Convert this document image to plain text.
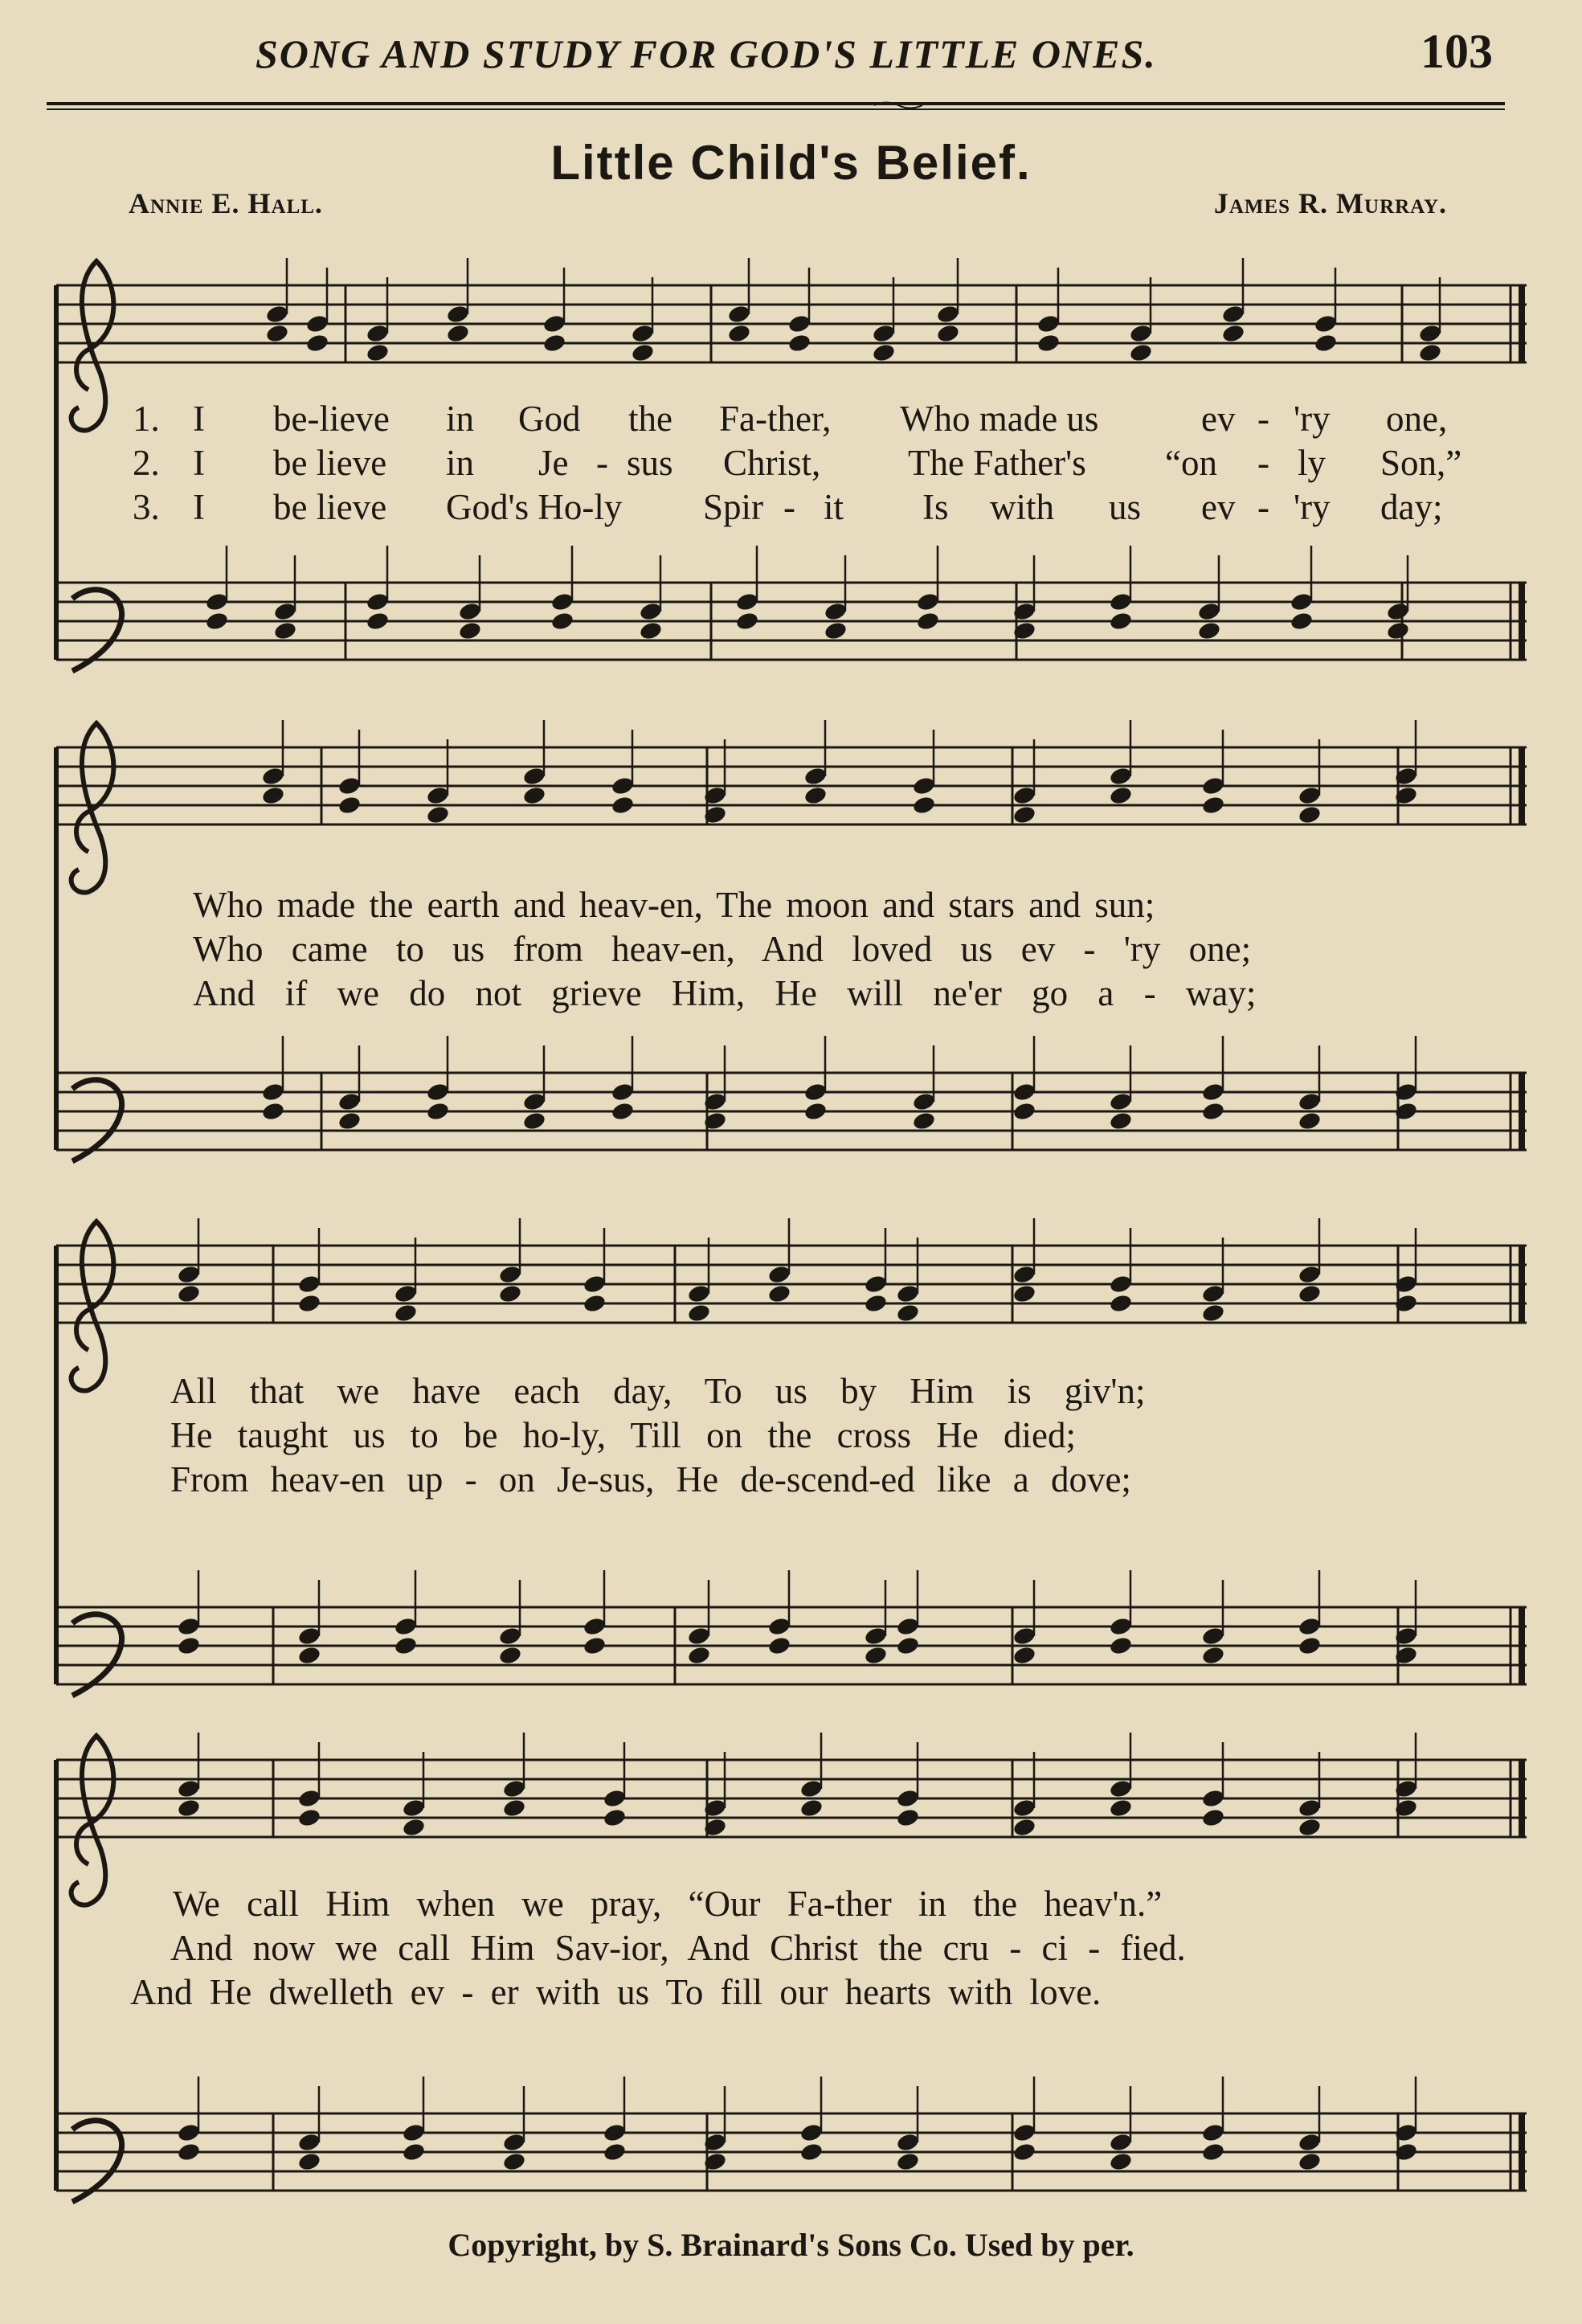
SONG AND STUDY FOR GOD'S LITTLE ONES.	103
Little Child's Belief.
Annie E. Hall.	James R. Murray.
1. I be-lieve in God the Fa-ther, Who made us	ev - 'ry one,
2. I be lieve in Je - sus Christ, The Father's “on - ly Son,”
3. I be lieve God's Ho-ly Spir - it Is with us ev - 'ry day;
Who made the earth and heav-en, The moon and stars and sun;
Who came to us from heav-en, And loved us ev - 'ry one;
And if we do not grieve Him, He will ne'er go a - way;
All that we have each day, To us by Him is giv'n;
He taught us to be ho-ly, Till on the cross He died;
From heav-en up - on Je-sus, He de-scend-ed like a dove;
We call Him when we pray, “Our Fa-ther in the heav'n.”
And now we call Him Sav-ior, And Christ the cru - ci - fied.
And He dwelleth ev - er with us To fill our hearts with love.
Copyright, by S. Brainard's Sons Co. Used by per.
